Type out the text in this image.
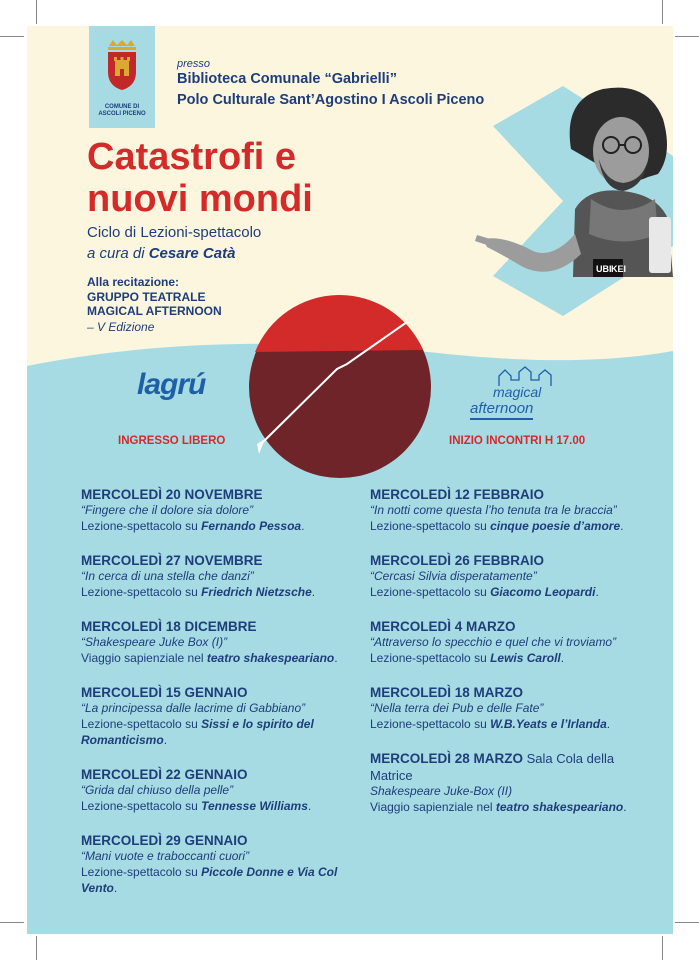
COMUNE DI
ASCOLI PICENO
presso
Biblioteca Comunale “Gabrielli”
Polo Culturale Sant’Agostino I Ascoli Piceno
Catastrofi e
nuovi mondi
Ciclo di Lezioni-spettacolo
a cura di Cesare Catà
Alla recitazione:
GRUPPO TEATRALE
MAGICAL AFTERNOON
– V Edizione
UBI KEI
lagrú	magical
afternoon
INGRESSO LIBERO	INIZIO INCONTRI H 17.00
MERCOLEDÌ 20 NOVEMBRE
“Fingere che il dolore sia dolore”
Lezione-spettacolo su Fernando Pessoa.
MERCOLEDÌ 27 NOVEMBRE
“In cerca di una stella che danzi”
Lezione-spettacolo su Friedrich Nietzsche.
MERCOLEDÌ 18 DICEMBRE
“Shakespeare Juke Box (I)”
Viaggio sapienziale nel teatro shakespeariano.
MERCOLEDÌ 15 GENNAIO
“La principessa dalle lacrime di Gabbiano”
Lezione-spettacolo su Sissi e lo spirito del Romanticismo.
MERCOLEDÌ 22 GENNAIO
“Grida dal chiuso della pelle”
Lezione-spettacolo su Tennesse Williams.
MERCOLEDÌ 29 GENNAIO
“Mani vuote e traboccanti cuori”
Lezione-spettacolo su Piccole Donne e Via Col Vento.
MERCOLEDÌ 12 FEBBRAIO
“In notti come questa l’ho tenuta tra le braccia”
Lezione-spettacolo su cinque poesie d’amore.
MERCOLEDÌ 26 FEBBRAIO
“Cercasi Silvia disperatamente”
Lezione-spettacolo su Giacomo Leopardi.
MERCOLEDÌ 4 MARZO
“Attraverso lo specchio e quel che vi troviamo”
Lezione-spettacolo su Lewis Caroll.
MERCOLEDÌ 18 MARZO
“Nella terra dei Pub e delle Fate”
Lezione-spettacolo su W.B.Yeats e l’Irlanda.
MERCOLEDÌ 28 MARZO Sala Cola della Matrice
Shakespeare Juke-Box (II)
Viaggio sapienziale nel teatro shakespeariano.
